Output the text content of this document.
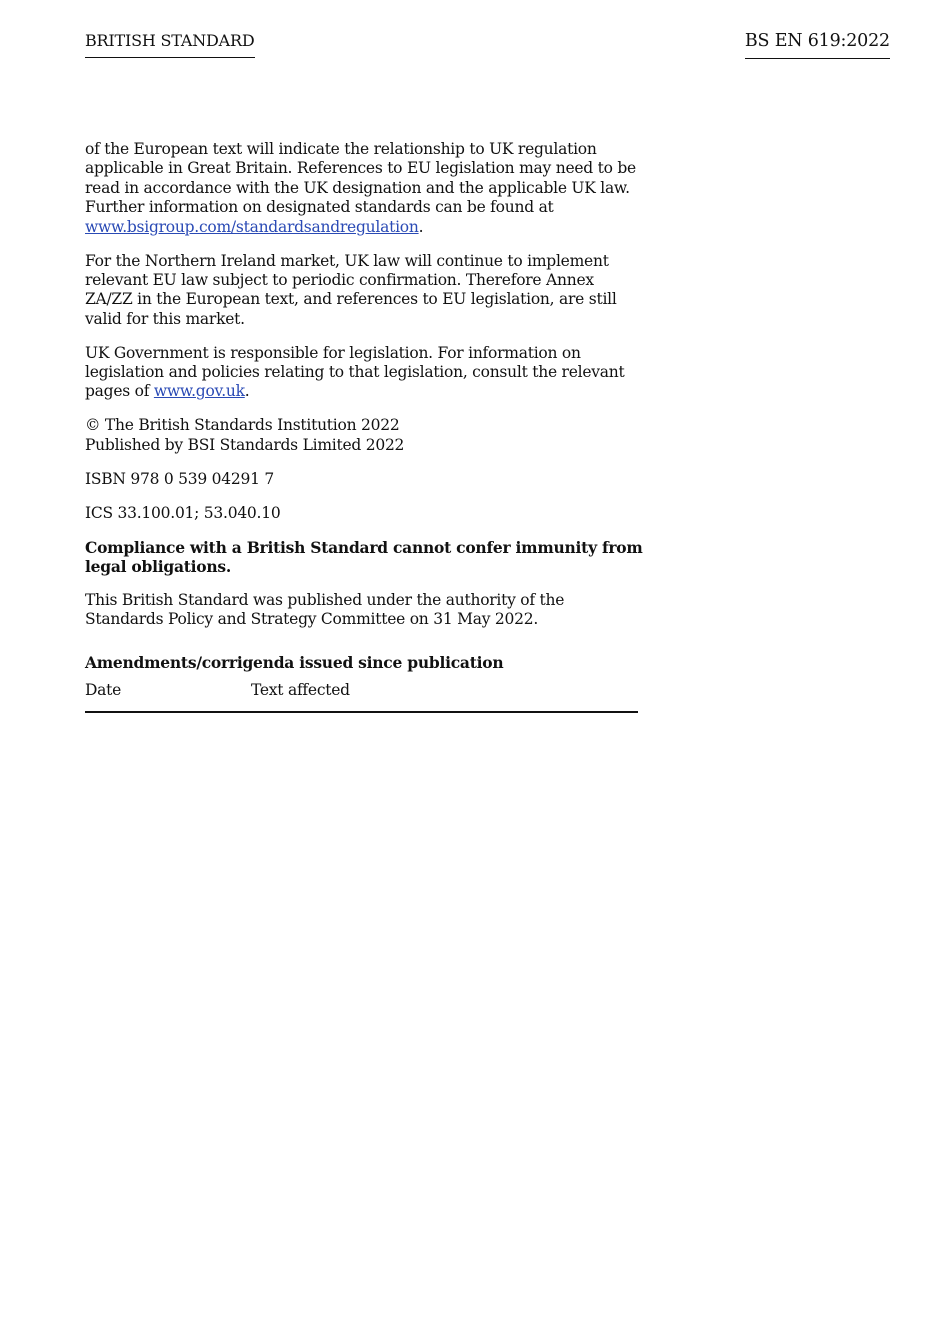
BRITISH STANDARD	BS EN 619:2022

of the European text will indicate the relationship to UK regulation applicable in Great Britain. References to EU legislation may need to be read in accordance with the UK designation and the applicable UK law. Further information on designated standards can be found at www.bsigroup.com/standardsandregulation.

For the Northern Ireland market, UK law will continue to implement relevant EU law subject to periodic confirmation. Therefore Annex ZA/ZZ in the European text, and references to EU legislation, are still valid for this market.

UK Government is responsible for legislation. For information on legislation and policies relating to that legislation, consult the relevant pages of www.gov.uk.

© The British Standards Institution 2022
Published by BSI Standards Limited 2022

ISBN 978 0 539 04291 7

ICS 33.100.01; 53.040.10

Compliance with a British Standard cannot confer immunity from legal obligations.

This British Standard was published under the authority of the Standards Policy and Strategy Committee on 31 May 2022.

Amendments/corrigenda issued since publication

Date	Text affected
